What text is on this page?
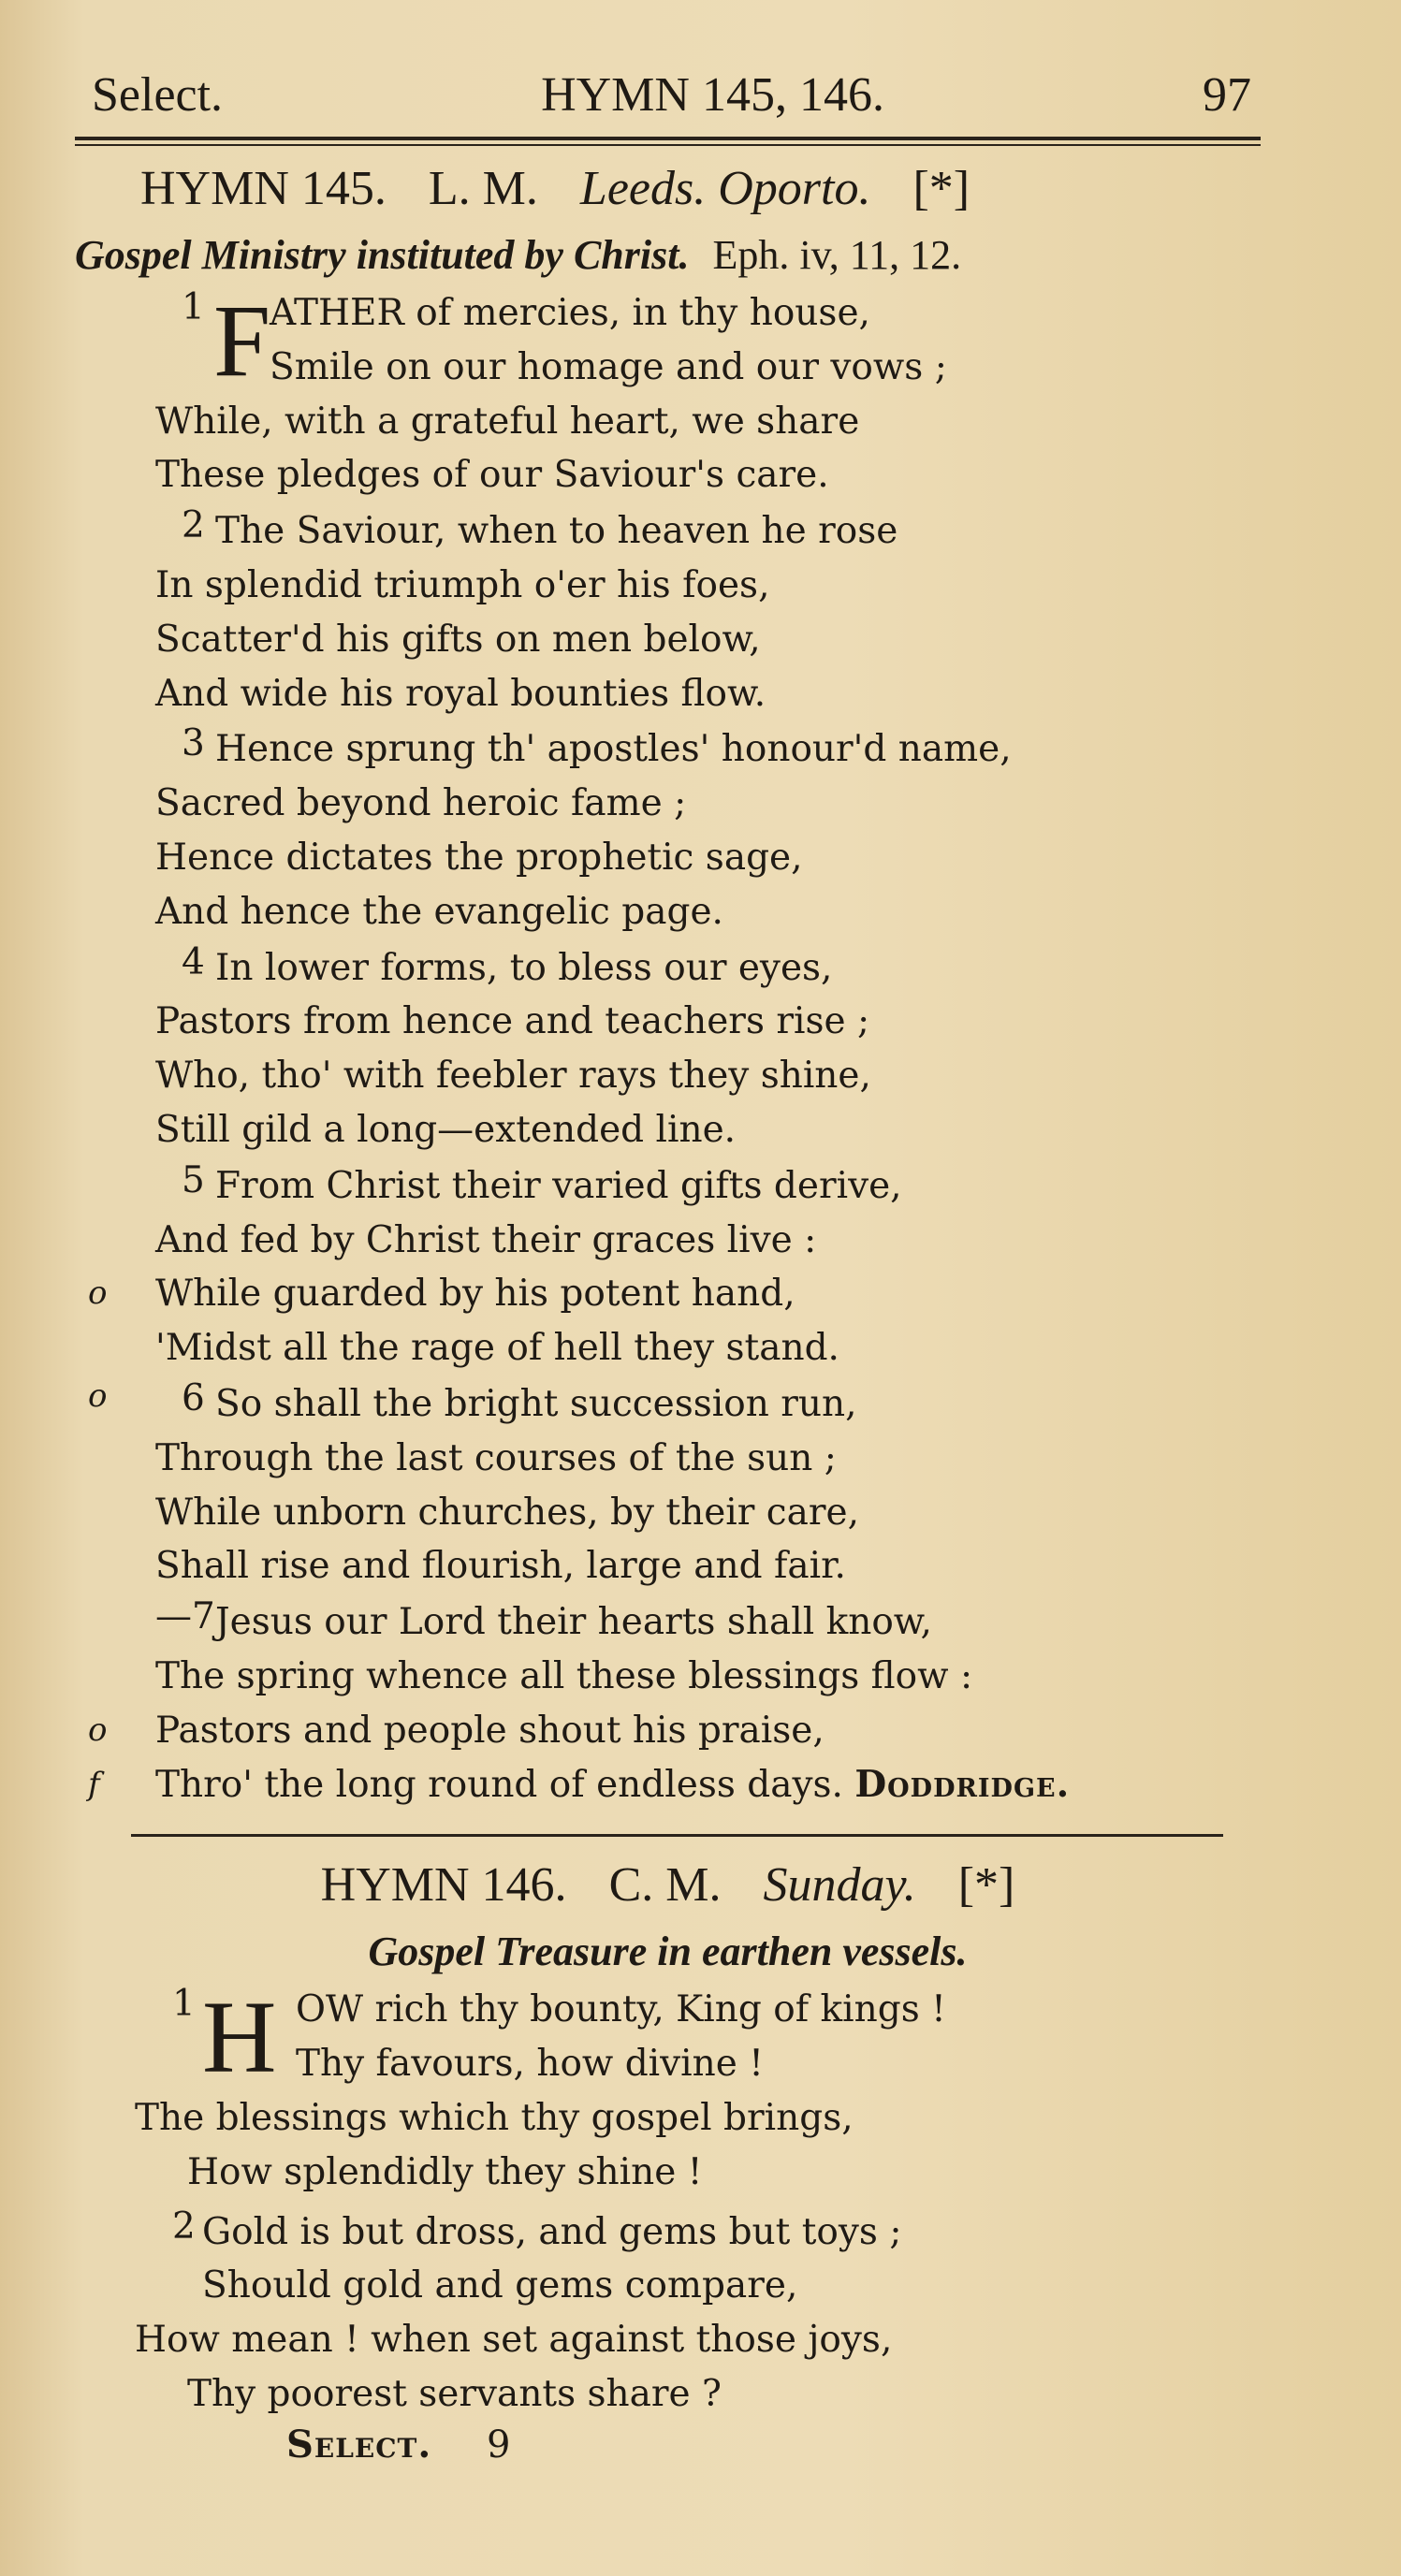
Select.	HYMN 145, 146.	97
HYMN 145. L. M. Leeds. Oporto. [*]
Gospel Ministry instituted by Christ. Eph. iv, 11, 12.
1 F
ATHER of mercies, in thy house,
Smile on our homage and our vows ;
While, with a grateful heart, we share
These pledges of our Saviour's care.
2 The Saviour, when to heaven he rose
In splendid triumph o'er his foes,
Scatter'd his gifts on men below,
And wide his royal bounties flow.
3 Hence sprung th' apostles' honour'd name,
Sacred beyond heroic fame ;
Hence dictates the prophetic sage,
And hence the evangelic page.
4 In lower forms, to bless our eyes,
Pastors from hence and teachers rise ;
Who, tho' with feebler rays they shine,
Still gild a long—extended line.
5 From Christ their varied gifts derive,
And fed by Christ their graces live :
o While guarded by his potent hand,
'Midst all the rage of hell they stand.
o 6 So shall the bright succession run,
Through the last courses of the sun ;
While unborn churches, by their care,
Shall rise and flourish, large and fair.
—7 Jesus our Lord their hearts shall know,
The spring whence all these blessings flow :
o Pastors and people shout his praise,
f Thro' the long round of endless days. Doddridge.
HYMN 146. C. M. Sunday. [*]
Gospel Treasure in earthen vessels.
1 H OW rich thy bounty, King of kings !
Thy favours, how divine !
The blessings which thy gospel brings,
How splendidly they shine !
2 Gold is but dross, and gems but toys ;
Should gold and gems compare,
How mean ! when set against those joys,
Thy poorest servants share ?
Select. 9
